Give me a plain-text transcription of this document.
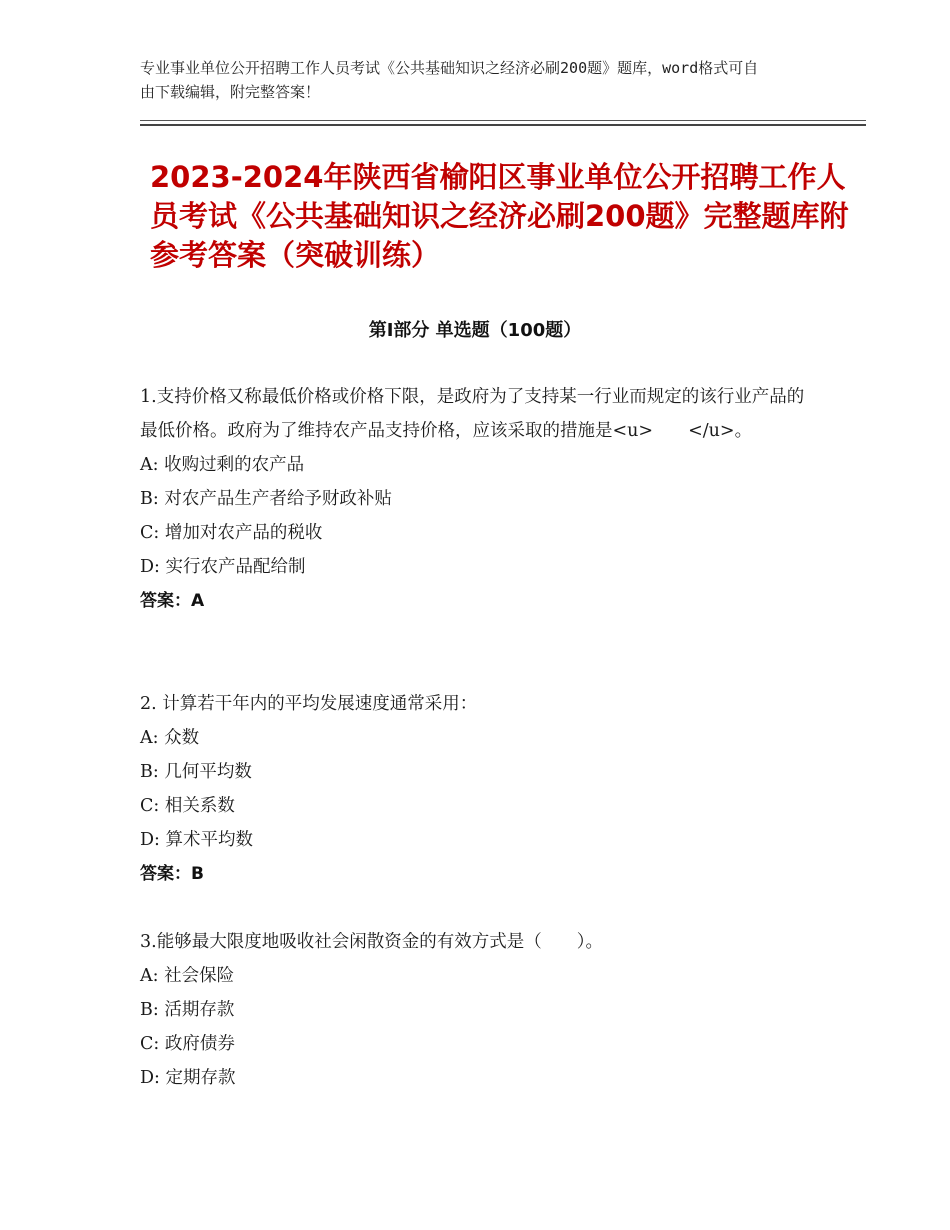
专业事业单位公开招聘工作人员考试《公共基础知识之经济必刷200题》题库，word格式可自由下载编辑，附完整答案！
2023-2024年陕西省榆阳区事业单位公开招聘工作人员考试《公共基础知识之经济必刷200题》完整题库附参考答案（突破训练）
第Ⅰ部分 单选题（100题）

1.支持价格又称最低价格或价格下限，是政府为了支持某一行业而规定的该行业产品的最低价格。政府为了维持农产品支持价格，应该采取的措施是<u>　　</u>。

A: 收购过剩的农产品

B: 对农产品生产者给予财政补贴

C: 增加对农产品的税收

D: 实行农产品配给制

答案：A

2. 计算若干年内的平均发展速度通常采用：

A: 众数

B: 几何平均数

C: 相关系数

D: 算术平均数

答案：B

3.能够最大限度地吸收社会闲散资金的有效方式是（　　）。

A: 社会保险

B: 活期存款

C: 政府债券

D: 定期存款
